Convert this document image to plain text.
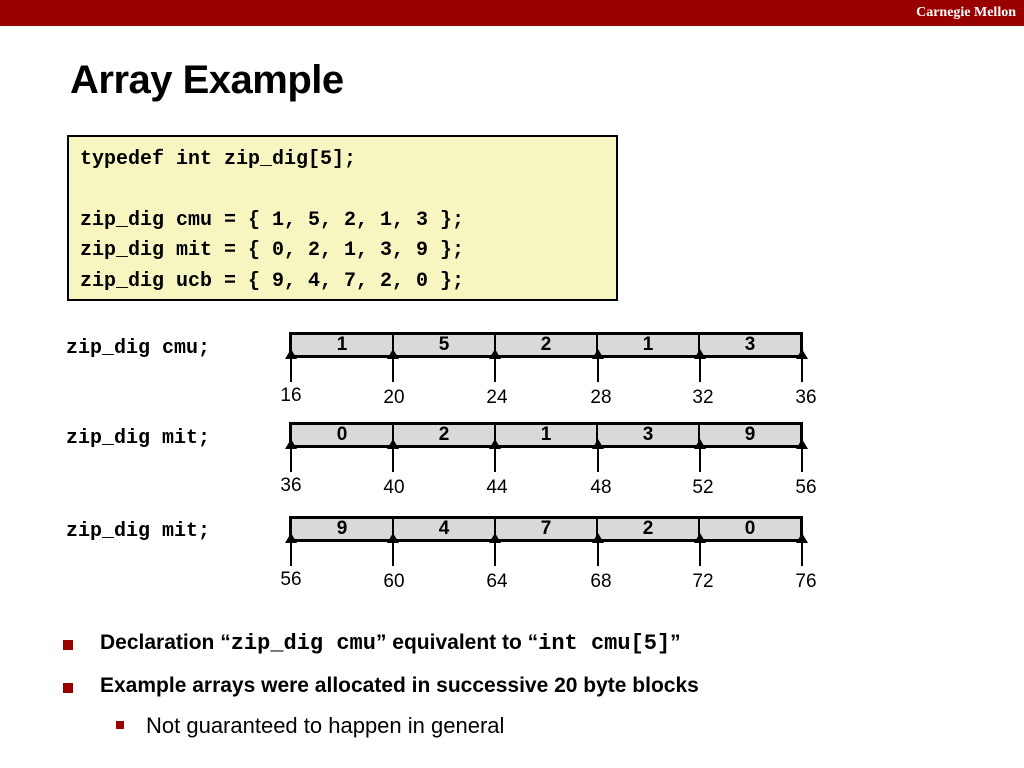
Carnegie Mellon
Array Example
typedef int zip_dig[5];
zip_dig cmu = { 1, 5, 2, 1, 3 };
zip_dig mit = { 0, 2, 1, 3, 9 };
zip_dig ucb = { 9, 4, 7, 2, 0 };
zip_dig cmu;	1	5	2	1	3
16	20	24	28	32	36
zip_dig mit;	0	2	1	3	9
36	40	44	48	52	56
zip_dig mit;	9	4	7	2	0
56	60	64	68	72	76
Declaration “zip_dig cmu” equivalent to “int cmu[5]”
Example arrays were allocated in successive 20 byte blocks
Not guaranteed to happen in general
